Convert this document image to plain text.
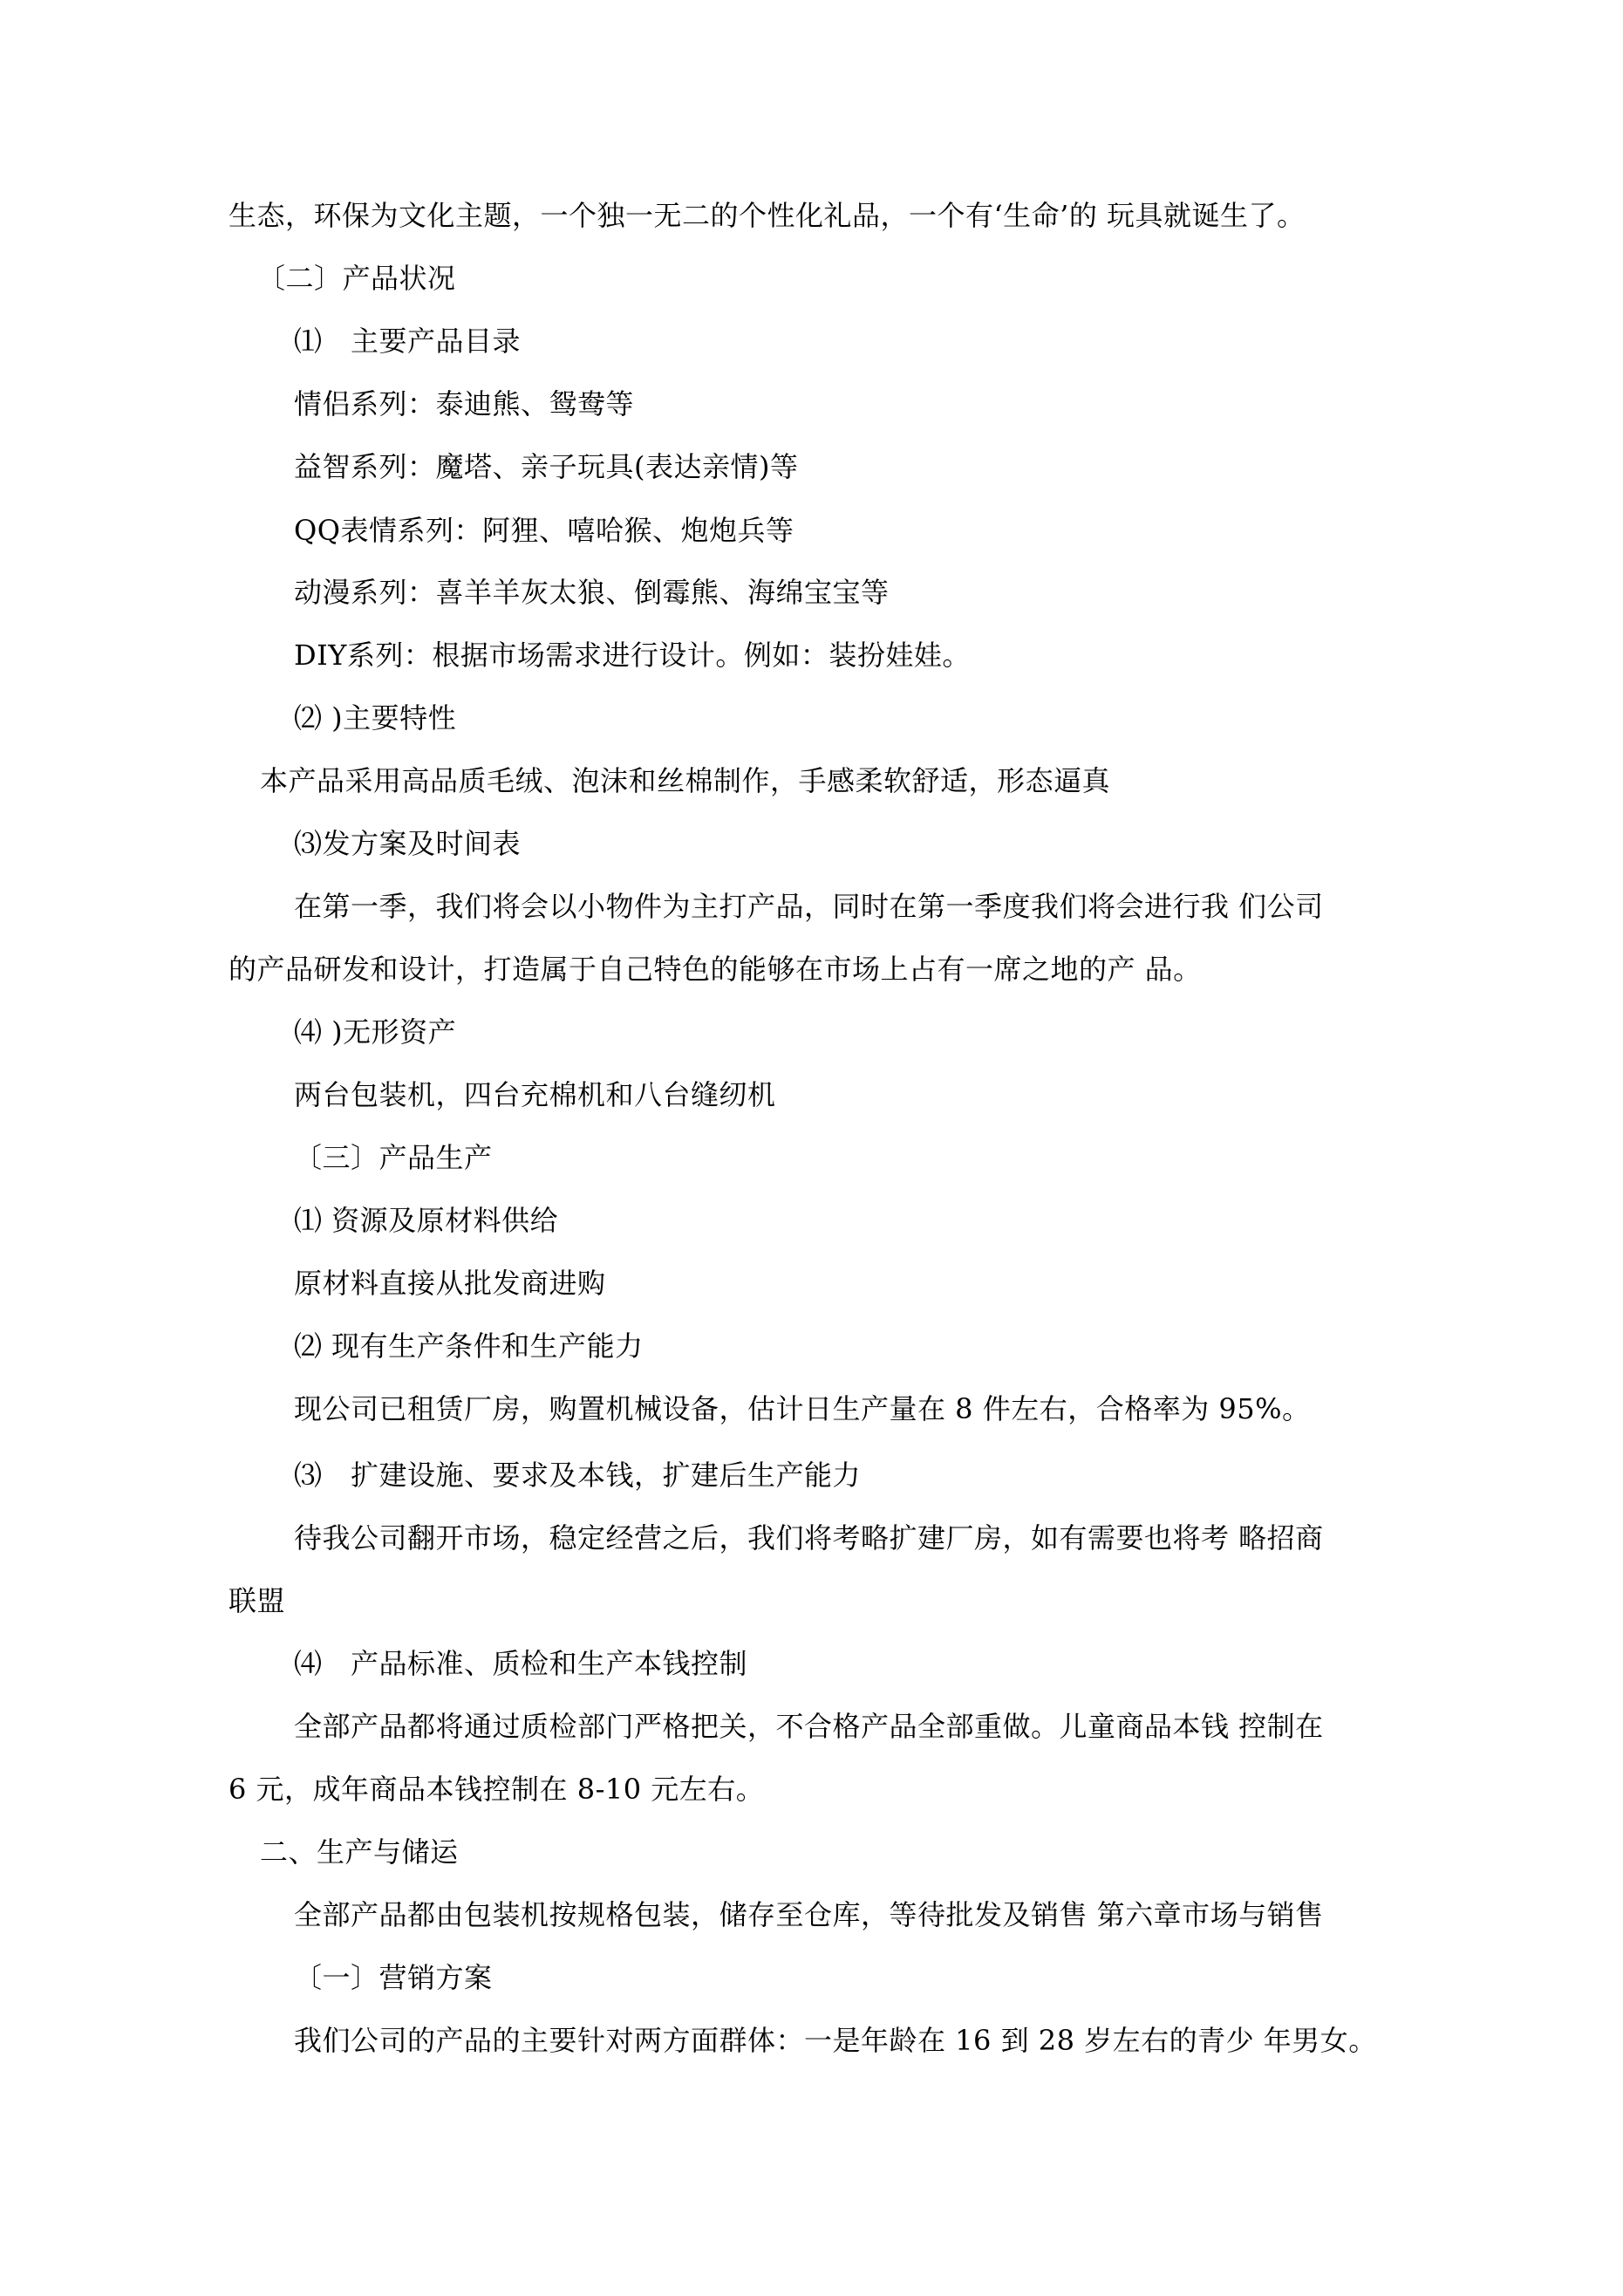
生态，环保为文化主题，一个独一无二的个性化礼品，一个有‘生命’的 玩具就诞生了。
〔二〕产品状况
⑴　主要产品目录
情侣系列：泰迪熊、鸳鸯等
益智系列：魔塔、亲子玩具(表达亲情)等
QQ表情系列：阿狸、嘻哈猴、炮炮兵等
动漫系列：喜羊羊灰太狼、倒霉熊、海绵宝宝等
DIY系列：根据市场需求进行设计。例如：装扮娃娃。
⑵ )主要特性
本产品采用高品质毛绒、泡沫和丝棉制作，手感柔软舒适，形态逼真
⑶发方案及时间表
在第一季，我们将会以小物件为主打产品，同时在第一季度我们将会进行我 们公司
的产品研发和设计，打造属于自己特色的能够在市场上占有一席之地的产 品。
⑷ )无形资产
两台包装机，四台充棉机和八台缝纫机
〔三〕产品生产
⑴ 资源及原材料供给
原材料直接从批发商进购
⑵ 现有生产条件和生产能力
现公司已租赁厂房，购置机械设备，估计日生产量在 8 件左右，合格率为 95%。
⑶　扩建设施、要求及本钱，扩建后生产能力
待我公司翻开市场，稳定经营之后，我们将考略扩建厂房，如有需要也将考 略招商
联盟
⑷　产品标准、质检和生产本钱控制
全部产品都将通过质检部门严格把关，不合格产品全部重做。儿童商品本钱 控制在
6 元，成年商品本钱控制在 8-10 元左右。
二、生产与储运
全部产品都由包装机按规格包装，储存至仓库，等待批发及销售 第六章市场与销售
〔一〕营销方案
我们公司的产品的主要针对两方面群体：一是年龄在 16 到 28 岁左右的青少 年男女。
